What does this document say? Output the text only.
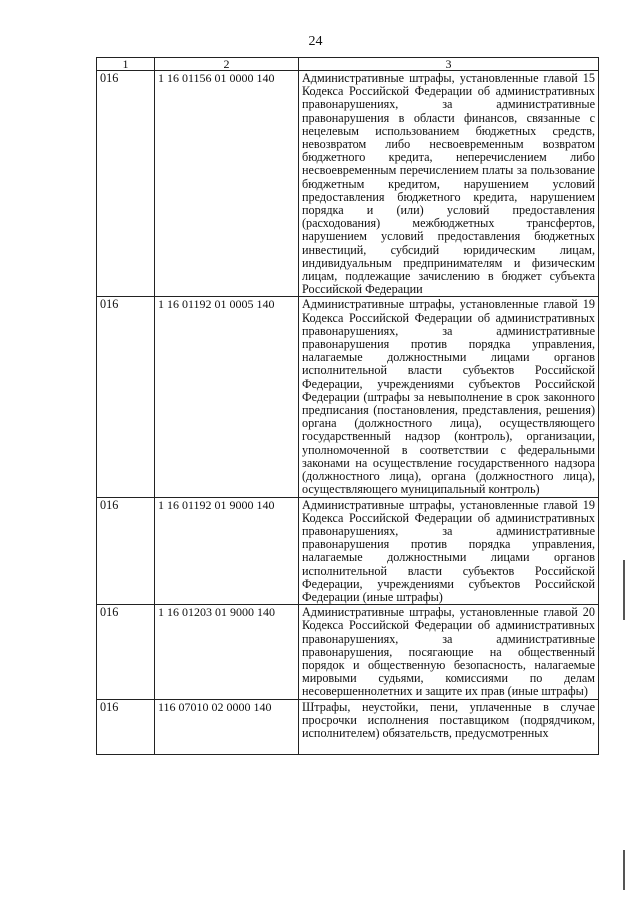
24
1	2	3
016	1 16 01156 01 0000 140	Административные штрафы, установленные главой 15 Кодекса Российской Федерации об административных правонарушениях, за административные правонарушения в области финансов, связанные с нецелевым использованием бюджетных средств, невозвратом либо несвоевременным возвратом бюджетного кредита, неперечислением либо несвоевременным перечислением платы за пользование бюджетным кредитом, нарушением условий предоставления бюджетного кредита, нарушением порядка и (или) условий предоставления (расходования) межбюджетных трансфертов, нарушением условий предоставления бюджетных инвестиций, субсидий юридическим лицам, индивидуальным предпринимателям и физическим лицам, подлежащие зачислению в бюджет субъекта Российской Федерации
016	1 16 01192 01 0005 140	Административные штрафы, установленные главой 19 Кодекса Российской Федерации об административных правонарушениях, за административные правонарушения против порядка управления, налагаемые должностными лицами органов исполнительной власти субъектов Российской Федерации, учреждениями субъектов Российской Федерации (штрафы за невыполнение в срок законного предписания (постановления, представления, решения) органа (должностного лица), осуществляющего государственный надзор (контроль), организации, уполномоченной в соответствии с федеральными законами на осуществление государственного надзора (должностного лица), органа (должностного лица), осуществляющего муниципальный контроль)
016	1 16 01192 01 9000 140	Административные штрафы, установленные главой 19 Кодекса Российской Федерации об административных правонарушениях, за административные правонарушения против порядка управления, налагаемые должностными лицами органов исполнительной власти субъектов Российской Федерации, учреждениями субъектов Российской Федерации (иные штрафы)
016	1 16 01203 01 9000 140	Административные штрафы, установленные главой 20 Кодекса Российской Федерации об административных правонарушениях, за административные правонарушения, посягающие на общественный порядок и общественную безопасность, налагаемые мировыми судьями, комиссиями по делам несовершеннолетних и защите их прав (иные штрафы)
016	116 07010 02 0000 140	Штрафы, неустойки, пени, уплаченные в случае просрочки исполнения поставщиком (подрядчиком, исполнителем) обязательств, предусмотренных
